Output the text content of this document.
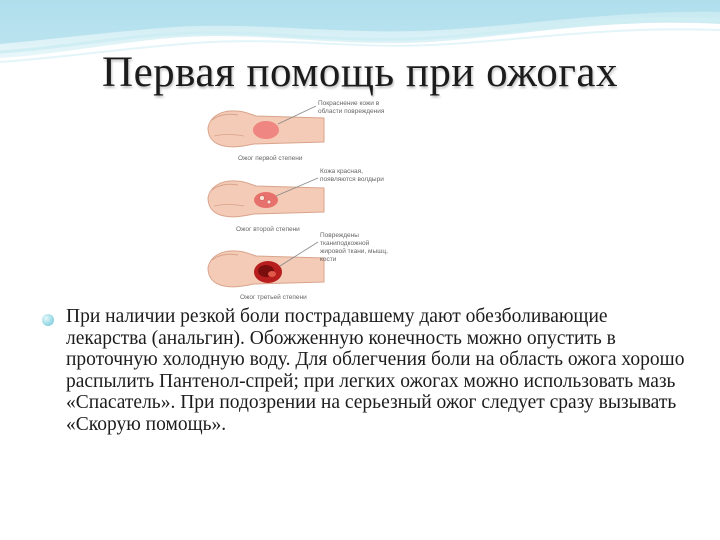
Первая помощь при ожогах
Покраснение кожи в области повреждения
Ожог первой степени
Кожа красная, появляются волдыри
Ожог второй степени
Повреждены тканиподкожной жировой ткани, мышц, кости
Ожог третьей степени
При наличии резкой боли пострадавшему дают обезболивающие лекарства (анальгин). Обожженную конечность можно опустить в проточную холодную воду. Для облегчения боли на область ожога хорошо распылить Пантенол-спрей; при легких ожогах можно использовать мазь «Спасатель». При подозрении на серьезный ожог следует сразу вызывать «Скорую помощь».
